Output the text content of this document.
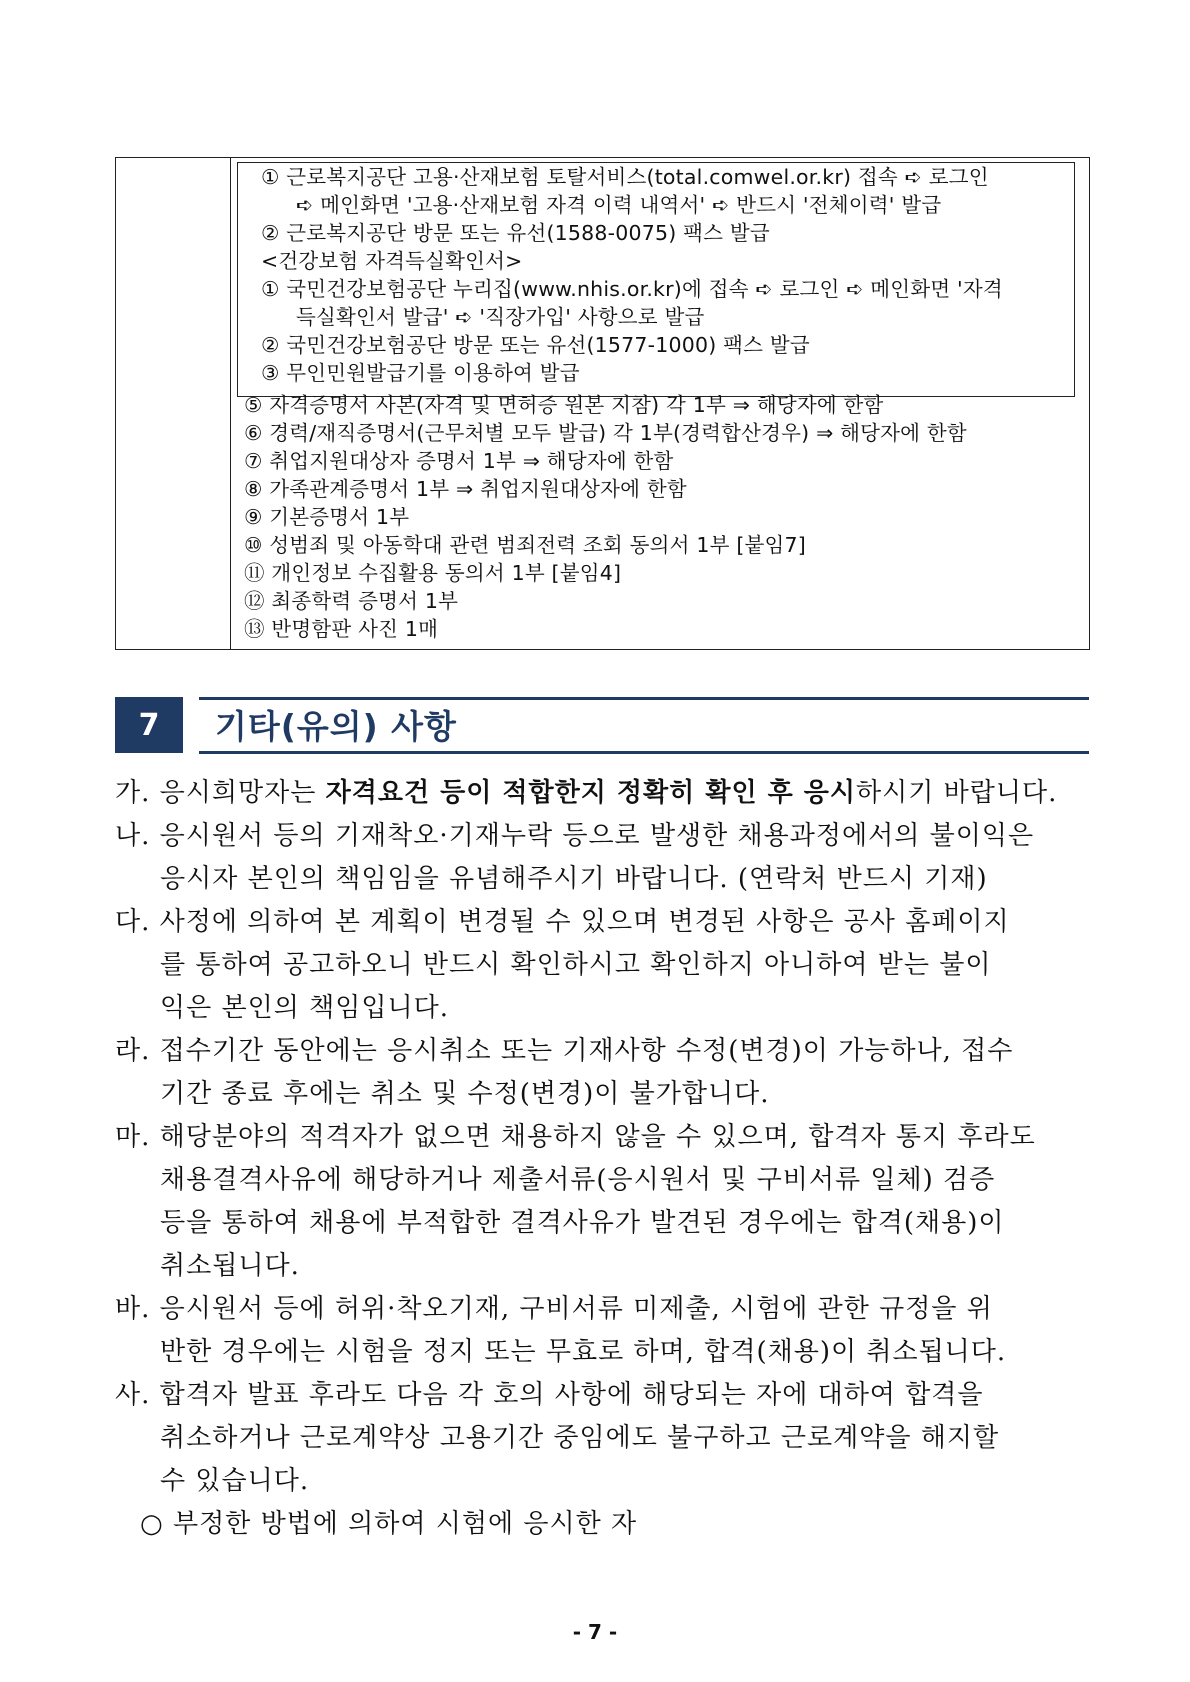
① 근로복지공단 고용·산재보험 토탈서비스(total.comwel.or.kr) 접속 ➪ 로그인
➪ 메인화면 '고용·산재보험 자격 이력 내역서' ➪ 반드시 '전체이력' 발급
② 근로복지공단 방문 또는 유선(1588-0075) 팩스 발급
<건강보험 자격득실확인서>
① 국민건강보험공단 누리집(www.nhis.or.kr)에 접속 ➪ 로그인 ➪ 메인화면 '자격
득실확인서 발급' ➪ '직장가입' 사항으로 발급
② 국민건강보험공단 방문 또는 유선(1577-1000) 팩스 발급
③ 무인민원발급기를 이용하여 발급
⑤ 자격증명서 사본(자격 및 면허증 원본 지참) 각 1부 ⇒ 해당자에 한함
⑥ 경력/재직증명서(근무처별 모두 발급) 각 1부(경력합산경우) ⇒ 해당자에 한함
⑦ 취업지원대상자 증명서 1부 ⇒ 해당자에 한함
⑧ 가족관계증명서 1부 ⇒ 취업지원대상자에 한함
⑨ 기본증명서 1부
⑩ 성범죄 및 아동학대 관련 범죄전력 조회 동의서 1부 [붙임7]
⑪ 개인정보 수집활용 동의서 1부 [붙임4]
⑫ 최종학력 증명서 1부
⑬ 반명함판 사진 1매
7	기타(유의) 사항
가. 응시희망자는 자격요건 등이 적합한지 정확히 확인 후 응시하시기 바랍니다.
나. 응시원서 등의 기재착오·기재누락 등으로 발생한 채용과정에서의 불이익은
응시자 본인의 책임임을 유념해주시기 바랍니다. (연락처 반드시 기재)
다. 사정에 의하여 본 계획이 변경될 수 있으며 변경된 사항은 공사 홈페이지
를 통하여 공고하오니 반드시 확인하시고 확인하지 아니하여 받는 불이
익은 본인의 책임입니다.
라. 접수기간 동안에는 응시취소 또는 기재사항 수정(변경)이 가능하나, 접수
기간 종료 후에는 취소 및 수정(변경)이 불가합니다.
마. 해당분야의 적격자가 없으면 채용하지 않을 수 있으며, 합격자 통지 후라도
채용결격사유에 해당하거나 제출서류(응시원서 및 구비서류 일체) 검증
등을 통하여 채용에 부적합한 결격사유가 발견된 경우에는 합격(채용)이
취소됩니다.
바. 응시원서 등에 허위·착오기재, 구비서류 미제출, 시험에 관한 규정을 위
반한 경우에는 시험을 정지 또는 무효로 하며, 합격(채용)이 취소됩니다.
사. 합격자 발표 후라도 다음 각 호의 사항에 해당되는 자에 대하여 합격을
취소하거나 근로계약상 고용기간 중임에도 불구하고 근로계약을 해지할
수 있습니다.
○ 부정한 방법에 의하여 시험에 응시한 자
- 7 -
